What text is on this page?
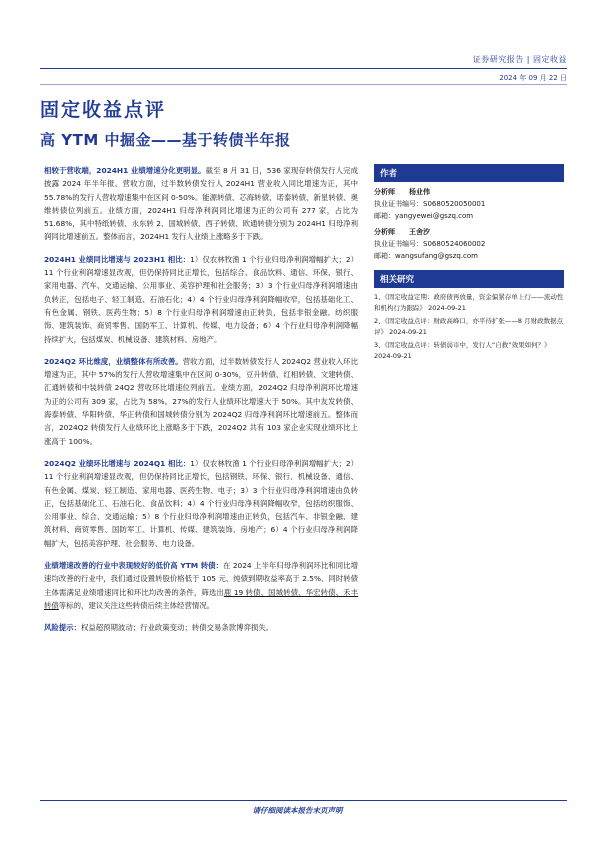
证券研究报告 | 固定收益
2024 年 09 月 22 日
固定收益点评
高 YTM 中掘金——基于转债半年报

相较于营收端，2024H1 业绩增速分化更明显。截至 8 月 31 日，536 家现存转债发行人完成披露 2024 年半年报。营收方面，过半数转债发行人 2024H1 营业收入同比增速为正，其中 55.78%的发行人营收增速集中在区间 0-50%。能源转债、芯海转债、诺泰转债、新星转债、奥维转债位列前五。业绩方面，2024H1 归母净利润同比增速为正的公司有 277 家，占比为 51.68%，其中特纸转债、永东转 2、国城转债、西子转债、欧通转债分别为 2024H1 归母净利润同比增速前五。整体而言，2024H1 发行人业绩上涨略多于下跌。

2024H1 业绩同比增速与 2023H1 相比：1）仅农林牧渔 1 个行业归母净利润增幅扩大；2）11 个行业利润增速显改观，但仍保持同比正增长，包括综合、食品饮料、通信、环保、银行、家用电器、汽车、交通运输、公用事业、美容护理和社会服务；3）3 个行业归母净利润增速由负转正，包括电子、轻工制造、石油石化；4）4 个行业归母净利润降幅收窄，包括基础化工、有色金属、钢铁、医药生物；5）8 个行业归母净利润增速由正转负，包括非银金融、纺织服饰、建筑装饰、商贸零售、国防军工、计算机、传媒、电力设备；6）4 个行业归母净利润降幅持续扩大，包括煤炭、机械设备、建筑材料、房地产。

2024Q2 环比维度，业绩整体有所改善。营收方面，过半数转债发行人 2024Q2 营业收入环比增速为正，其中 57%的发行人营收增速集中在区间 0-30%，豆升转债、红相转债、文建转债、汇通转债和中装转债 24Q2 营收环比增速位列前五。业绩方面，2024Q2 归母净利润环比增速为正的公司有 309 家，占比为 58%。27%的发行人业绩环比增速大于 50%。其中友发转债、海泰转债、华阳转债、华正转债和国城转债分别为 2024Q2 归母净利润环比增速前五。整体而言，2024Q2 转债发行人业绩环比上涨略多于下跌，2024Q2 共有 103 家企业实现业绩环比上涨高于 100%。

2024Q2 业绩环比增速与 2024Q1 相比：1）仅农林牧渔 1 个行业归母净利润增幅扩大；2）11 个行业利润增速显改观，但仍保持同比正增长，包括钢铁、环保、银行、机械设备、通信、有色金属、煤炭、轻工制造、家用电器、医药生物、电子；3）3 个行业归母净利润增速由负转正，包括基础化工、石油石化、食品饮料；4）4 个行业归母净利润降幅收窄，包括纺织服饰、公用事业、综合、交通运输；5）8 个行业归母净利润增速由正转负，包括汽车、非银金融、建筑材料、商贸零售、国防军工、计算机、传媒、建筑装饰、房地产；6）4 个行业归母净利润降幅扩大，包括美容护理、社会服务、电力设备。

业绩增速改善的行业中表现较好的低价高 YTM 转债：在 2024 上半年归母净利润环比和同比增速均改善的行业中，我们通过设置转股价格低于 105 元、纯债到期收益率高于 2.5%、同时转债主体需满足业绩增速同比和环比均改善的条件，筛选出鹿 19 转债、国城转债、华宏转债、禾丰转债等标的，建议关注这些转债后续主体经营情况。

风险提示：权益超预期波动；行业政策变动；转债交易条款博弈损失。

作者
分析师 杨业伟
执业证书编号：S0680520050001
邮箱：yangyewei@gszq.com
分析师 王舍汐
执业证书编号：S0680524060002
邮箱：wangsufang@gszq.com
相关研究
1、《固定收益定期：政府债再放量，资金偏紧存单上行——流动性和机构行为跟踪》 2024-09-21
2、《固定收益点评：财政高峰口，亦平待扩张——8 月财政数据点评》 2024-09-21
3、《固定收益点评：转债弱市中，发行人“自救”效果如何？》 2024-09-21
请仔细阅读本报告末页声明
